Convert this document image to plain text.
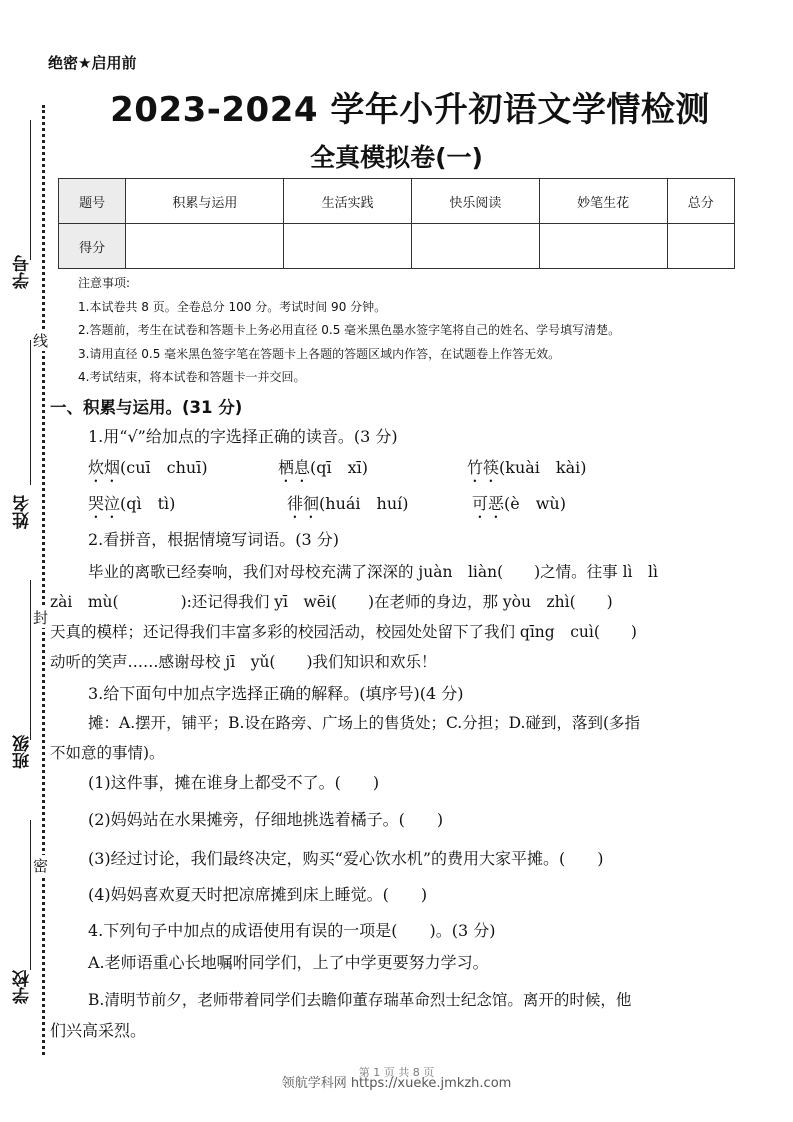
学号
姓名
班级
学校
线
封
密
绝密★启用前
2023-2024 学年小升初语文学情检测
全真模拟卷(一)
题号	积累与运用	生活实践	快乐阅读	妙笔生花	总分
得分					
注意事项:
1.本试卷共 8 页。全卷总分 100 分。考试时间 90 分钟。
2.答题前，考生在试卷和答题卡上务必用直径 0.5 毫米黑色墨水签字笔将自己的姓名、学号填写清楚。
3.请用直径 0.5 毫米黑色签字笔在答题卡上各题的答题区域内作答，在试题卷上作答无效。
4.考试结束，将本试卷和答题卡一并交回。
一、积累与运用。(31 分)
1.用“√”给加点的字选择正确的读音。(3 分)
炊烟(cuī　chuī)	栖息(qī　xī)	竹筷(kuài　kài)
哭泣(qì　tì)	徘徊(huái　huí)	可恶(è　wù)
2.看拼音，根据情境写词语。(3 分)
毕业的离歌已经奏响，我们对母校充满了深深的 juàn　liàn(　　)之情。往事 lì　lì
zài　mù(　　　　):还记得我们 yī　wēi(　　)在老师的身边，那 yòu　zhì(　　)
天真的模样；还记得我们丰富多彩的校园活动，校园处处留下了我们 qīng　cuì(　　)
动听的笑声……感谢母校 jī　yǔ(　　)我们知识和欢乐！
3.给下面句中加点字选择正确的解释。(填序号)(4 分)
摊：A.摆开，铺平；B.设在路旁、广场上的售货处；C.分担；D.碰到，落到(多指
不如意的事情)。
(1)这件事，摊在谁身上都受不了。(　　)
(2)妈妈站在水果摊旁，仔细地挑选着橘子。(　　)
(3)经过讨论，我们最终决定，购买“爱心饮水机”的费用大家平摊。(　　)
(4)妈妈喜欢夏天时把凉席摊到床上睡觉。(　　)
4.下列句子中加点的成语使用有误的一项是(　　)。(3 分)
A.老师语重心长地嘱咐同学们，上了中学更要努力学习。
B.清明节前夕，老师带着同学们去瞻仰董存瑞革命烈士纪念馆。离开的时候，他
们兴高采烈。
第 1 页 共 8 页
领航学科网 https://xueke.jmkzh.com
